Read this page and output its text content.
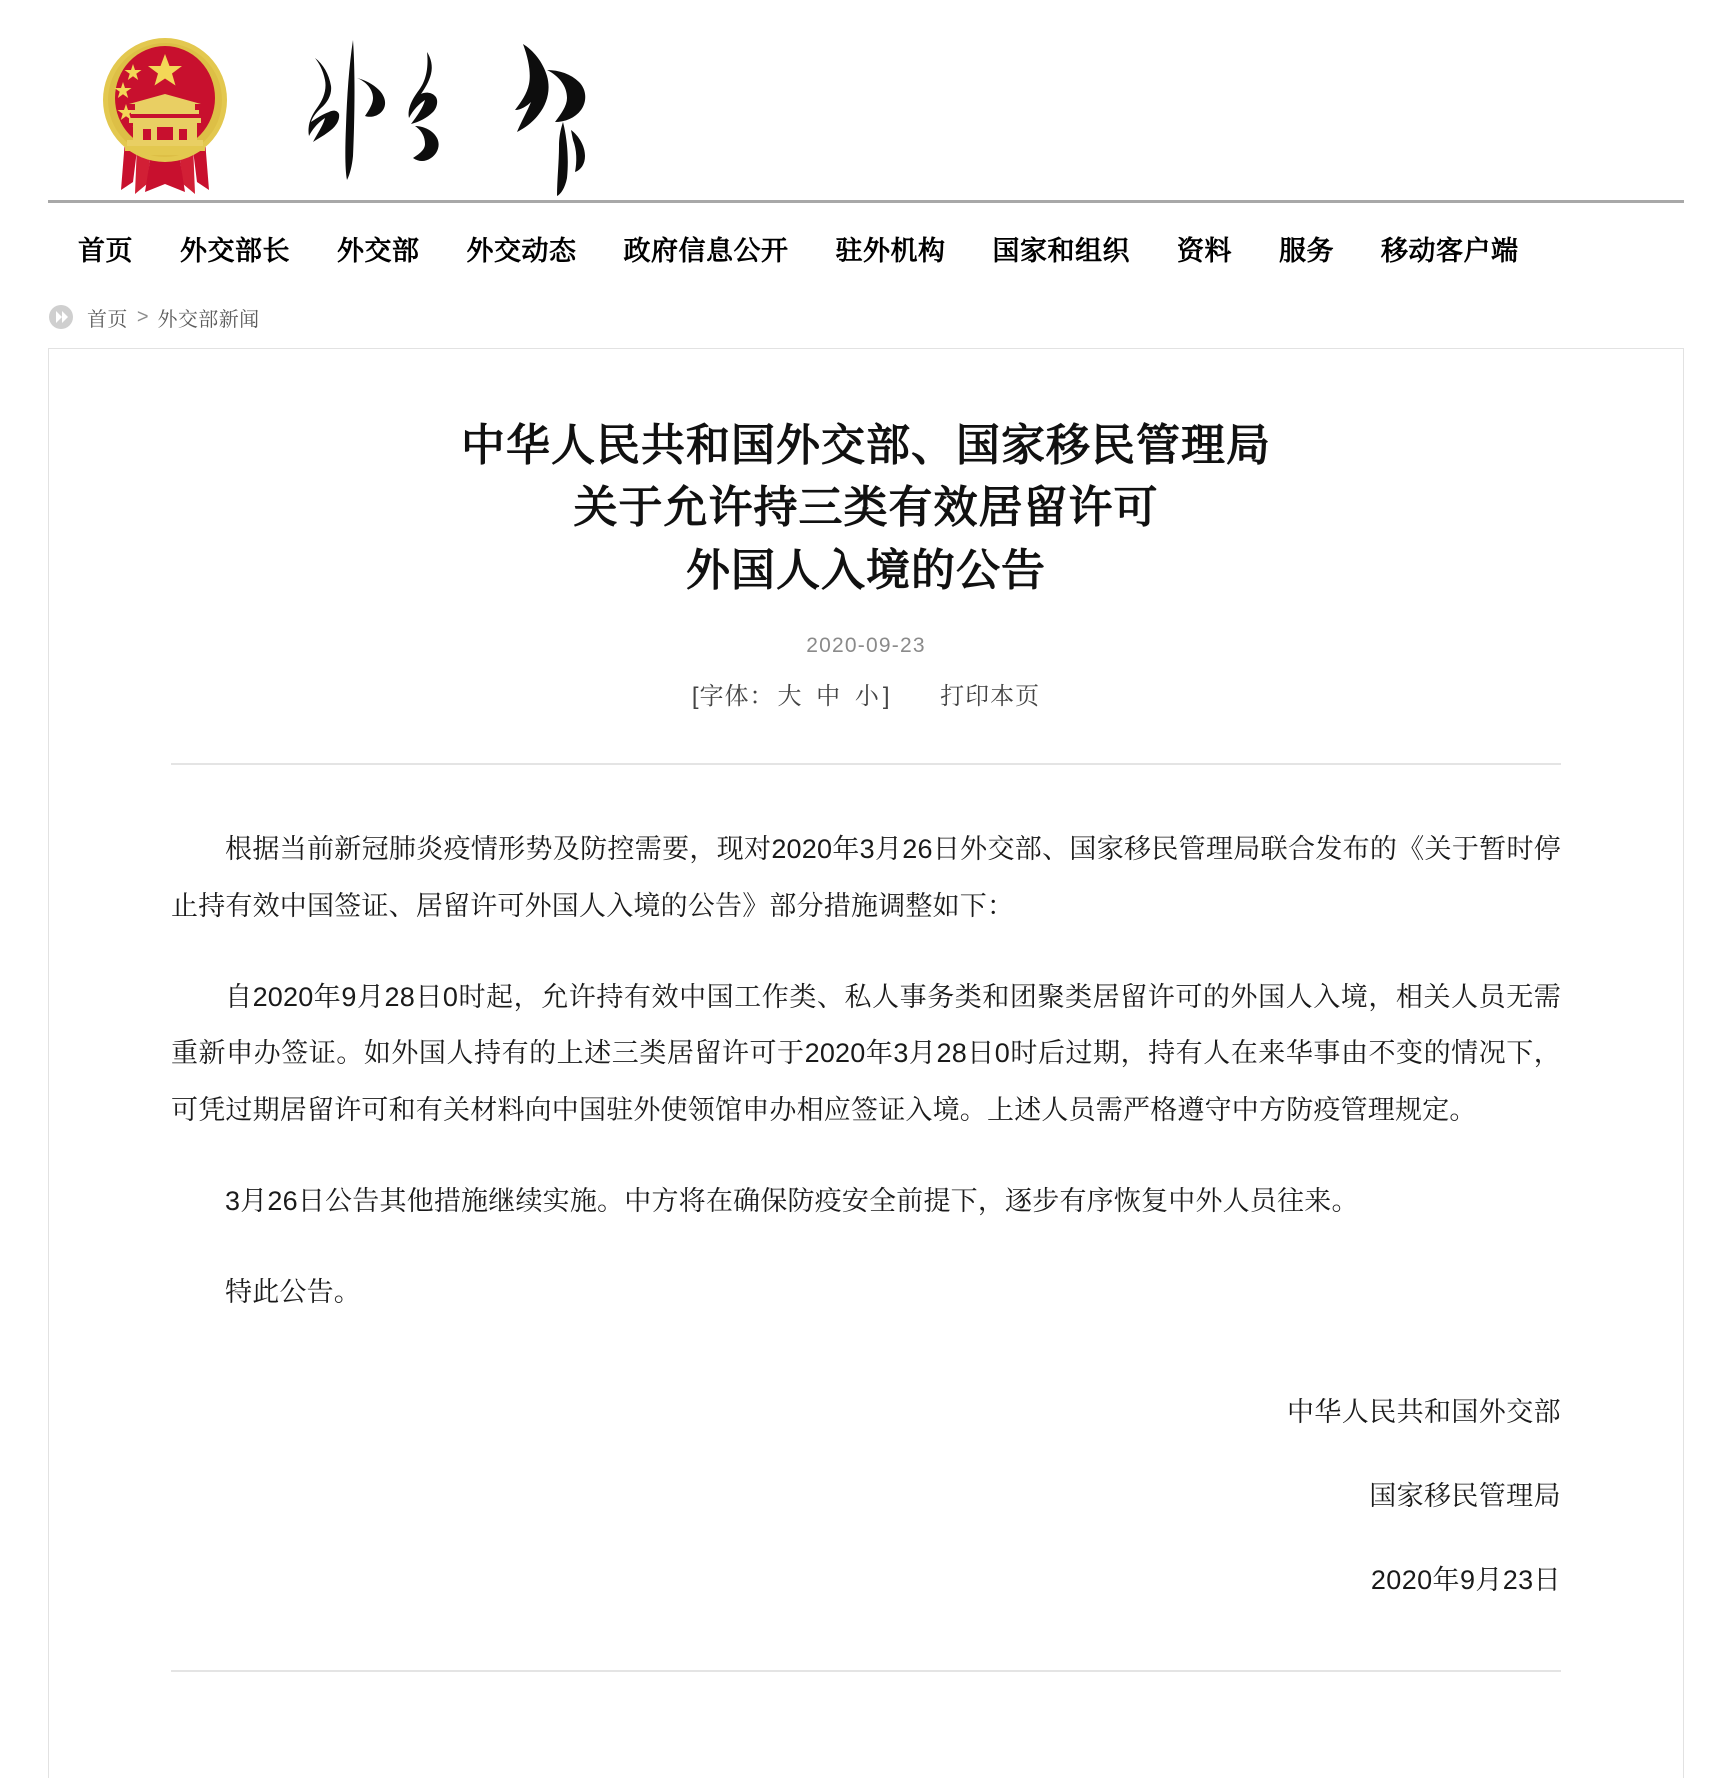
首页 外交部长 外交部 外交动态 政府信息公开 驻外机构 国家和组织 资料 服务 移动客户端
首页 > 外交部新闻
中华人民共和国外交部、国家移民管理局
关于允许持三类有效居留许可
外国人入境的公告
2020-09-23
[字体： 大 中 小 ] 打印本页

根据当前新冠肺炎疫情形势及防控需要，现对2020年3月26日外交部、国家移民管理局联合发布的《关于暂时停止持有效中国签证、居留许可外国人入境的公告》部分措施调整如下：

自2020年9月28日0时起，允许持有效中国工作类、私人事务类和团聚类居留许可的外国人入境，相关人员无需重新申办签证。如外国人持有的上述三类居留许可于2020年3月28日0时后过期，持有人在来华事由不变的情况下，可凭过期居留许可和有关材料向中国驻外使领馆申办相应签证入境。上述人员需严格遵守中方防疫管理规定。

3月26日公告其他措施继续实施。中方将在确保防疫安全前提下，逐步有序恢复中外人员往来。

特此公告。

中华人民共和国外交部
国家移民管理局
2020年9月23日
